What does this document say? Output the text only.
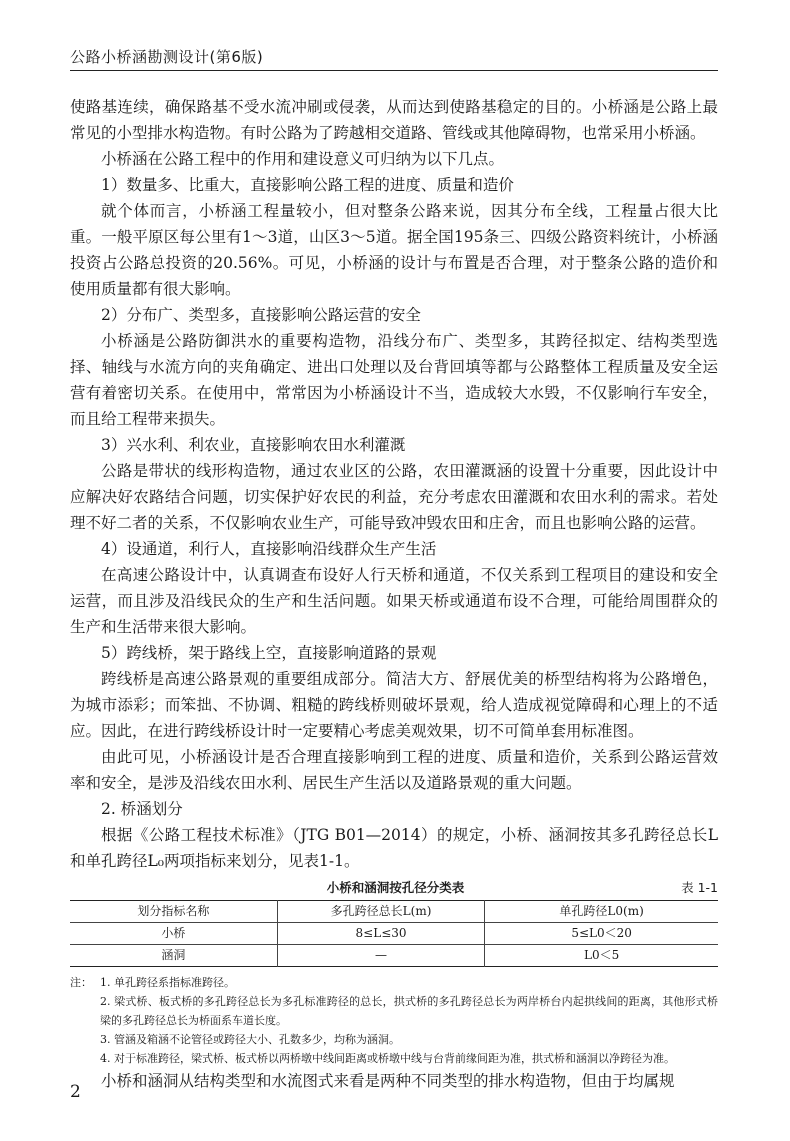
公路小桥涵勘测设计(第6版)

使路基连续，确保路基不受水流冲刷或侵袭，从而达到使路基稳定的目的。小桥涵是公路上最常见的小型排水构造物。有时公路为了跨越相交道路、管线或其他障碍物，也常采用小桥涵。

小桥涵在公路工程中的作用和建设意义可归纳为以下几点。

1）数量多、比重大，直接影响公路工程的进度、质量和造价

就个体而言，小桥涵工程量较小，但对整条公路来说，因其分布全线，工程量占很大比重。一般平原区每公里有1～3道，山区3～5道。据全国195条三、四级公路资料统计，小桥涵投资占公路总投资的20.56%。可见，小桥涵的设计与布置是否合理，对于整条公路的造价和使用质量都有很大影响。

2）分布广、类型多，直接影响公路运营的安全

小桥涵是公路防御洪水的重要构造物，沿线分布广、类型多，其跨径拟定、结构类型选择、轴线与水流方向的夹角确定、进出口处理以及台背回填等都与公路整体工程质量及安全运营有着密切关系。在使用中，常常因为小桥涵设计不当，造成较大水毁，不仅影响行车安全，而且给工程带来损失。

3）兴水利、利农业，直接影响农田水利灌溉

公路是带状的线形构造物，通过农业区的公路，农田灌溉涵的设置十分重要，因此设计中应解决好农路结合问题，切实保护好农民的利益，充分考虑农田灌溉和农田水利的需求。若处理不好二者的关系，不仅影响农业生产，可能导致冲毁农田和庄舍，而且也影响公路的运营。

4）设通道，利行人，直接影响沿线群众生产生活

在高速公路设计中，认真调查布设好人行天桥和通道，不仅关系到工程项目的建设和安全运营，而且涉及沿线民众的生产和生活问题。如果天桥或通道布设不合理，可能给周围群众的生产和生活带来很大影响。

5）跨线桥，架于路线上空，直接影响道路的景观

跨线桥是高速公路景观的重要组成部分。简洁大方、舒展优美的桥型结构将为公路增色，为城市添彩；而笨拙、不协调、粗糙的跨线桥则破坏景观，给人造成视觉障碍和心理上的不适应。因此，在进行跨线桥设计时一定要精心考虑美观效果，切不可简单套用标准图。

由此可见，小桥涵设计是否合理直接影响到工程的进度、质量和造价，关系到公路运营效率和安全，是涉及沿线农田水利、居民生产生活以及道路景观的重大问题。

2. 桥涵划分

根据《公路工程技术标准》（JTG B01—2014）的规定，小桥、涵洞按其多孔跨径总长L和单孔跨径L₀两项指标来划分，见表1-1。

小桥和涵洞按孔径分类表	表 1-1
划分指标名称	多孔跨径总长L(m)	单孔跨径L0(m)
小桥	8≤L≤30	5≤L0＜20
涵洞	—	L0＜5
注： 1. 单孔跨径系指标准跨径。
2. 梁式桥、板式桥的多孔跨径总长为多孔标准跨径的总长，拱式桥的多孔跨径总长为两岸桥台内起拱线间的距离，其他形式桥梁的多孔跨径总长为桥面系车道长度。
3. 管涵及箱涵不论管径或跨径大小、孔数多少，均称为涵洞。
4. 对于标准跨径，梁式桥、板式桥以两桥墩中线间距离或桥墩中线与台背前缘间距为准，拱式桥和涵洞以净跨径为准。

小桥和涵洞从结构类型和水流图式来看是两种不同类型的排水构造物，但由于均属规

2
